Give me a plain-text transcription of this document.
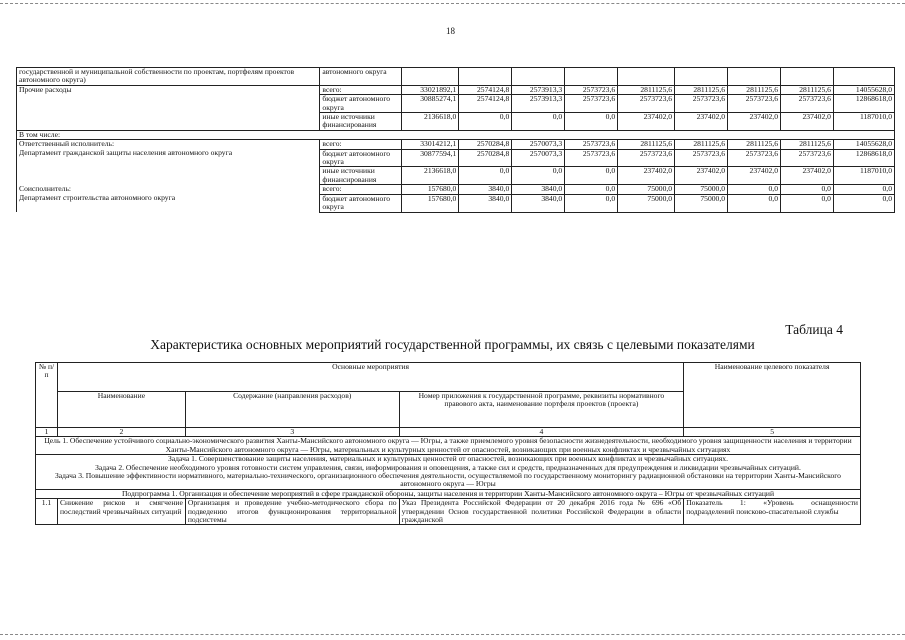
18
государственной и муниципальной собственности по проектам, портфелям проектов автономного округа)	автономного округа									
Прочие расходы	всего:	33021892,1	2574124,8	2573913,3	2573723,6	2811125,6	2811125,6	2811125,6	2811125,6	14055628,0
	бюджет автономного округа	30885274,1	2574124,8	2573913,3	2573723,6	2573723,6	2573723,6	2573723,6	2573723,6	12868618,0
	иные источники финансирования	2136618,0	0,0	0,0	0,0	237402,0	237402,0	237402,0	237402,0	1187010,0
В том числе:										
Ответственный исполнитель:	всего:	33014212,1	2570284,8	2570073,3	2573723,6	2811125,6	2811125,6	2811125,6	2811125,6	14055628,0
Департамент гражданской защиты населения автономного округа	бюджет автономного округа	30877594,1	2570284,8	2570073,3	2573723,6	2573723,6	2573723,6	2573723,6	2573723,6	12868618,0
	иные источники финансирования	2136618,0	0,0	0,0	0,0	237402,0	237402,0	237402,0	237402,0	1187010,0
Соисполнитель:	всего:	157680,0	3840,0	3840,0	0,0	75000,0	75000,0	0,0	0,0	0,0
Департамент строительства автономного округа	бюджет автономного округа	157680,0	3840,0	3840,0	0,0	75000,0	75000,0	0,0	0,0	0,0
Таблица 4
Характеристика основных мероприятий государственной программы, их связь с целевыми показателями
№ п/п	Основные мероприятия			Наименование целевого показателя
	Наименование	Содержание (направления расходов)	Номер приложения к государственной программе, реквизиты нормативного правового акта, наименование портфеля проектов (проекта)	
1	2	3	4	5
Цель 1. Обеспечение устойчивого социально-экономического развития Ханты-Мансийского автономного округа — Югры, а также приемлемого уровня безопасности жизнедеятельности, необходимого уровня защищенности населения и территории Ханты-Мансийского автономного округа — Югры, материальных и культурных ценностей от опасностей, возникающих при военных конфликтах и чрезвычайных ситуациях				

Задача 1. Совершенствование защиты населения, материальных и культурных ценностей от опасностей, возникающих при военных конфликтах и чрезвычайных ситуациях.
Задача 2. Обеспечение необходимого уровня готовности систем управления, связи, информирования и оповещения, а также сил и средств, предназначенных для предупреждения и ликвидации чрезвычайных ситуаций.
Задача 3. Повышение эффективности нормативного, материально-технического, организационного обеспечения деятельности, осуществляемой по государственному мониторингу радиационной обстановки на территории Ханты-Мансийского автономного округа — Югры				

Подпрограмма 1. Организация и обеспечение мероприятий в сфере гражданской обороны, защиты населения и территории Ханты-Мансийского автономного округа – Югры от чрезвычайных ситуаций				
1.1	Снижение рисков и смягчение последствий чрезвычайных ситуаций	Организация и проведение учебно-методического сбора по подведению итогов функционирования территориальной подсистемы	Указ Президента Российской Федерации от 20 декабря 2016 года № 696 «Об утверждении Основ государственной политики Российской Федерации в области гражданской	Показатель 1: «Уровень оснащенности подразделений поисково-спасательной службы
